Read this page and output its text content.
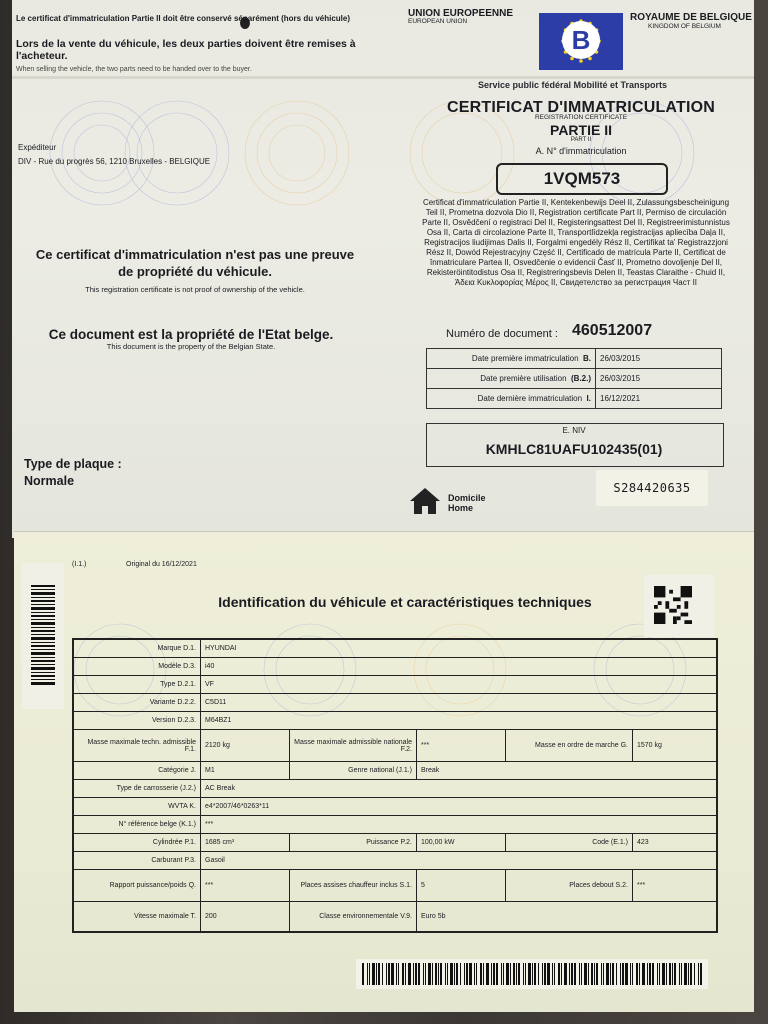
Le certificat d'immatriculation Partie II doit être conservé séparément (hors du véhicule)
Lors de la vente du véhicule, les deux parties doivent être remises à l'acheteur.
When selling the vehicle, the two parts need to be handed over to the buyer.
UNION EUROPEENNE
EUROPEAN UNION
B
ROYAUME DE BELGIQUE
KINGDOM OF BELGIUM
Service public fédéral Mobilité et Transports
CERTIFICAT D'IMMATRICULATION
REGISTRATION CERTIFICATE
PARTIE II
PART II
A. N° d'immatriculation
1VQM573
Certificat d'immatriculation Partie II, Kentekenbewijs Deel II, Zulassungsbescheinigung Teil II, Prometna dozvola Dio II, Registration certificate Part II, Permiso de circulación Parte II, Osvědčení o registraci Del II, Registeringsattest Del II, Registreerimistunnistus Osa II, Carta di circolazione Parte II, Transportlīdzekļa registracijas apliecība Daļa II, Registracijos liudijimas Dalis II, Forgalmi engedély Rész II, Certifikat ta' Registrazzjoni Rész II, Dowód Rejestracyjny Część II, Certificado de matrícula Parte II, Certificat de înmatriculare Partea II, Osvedčenie o evidencii Časť II, Prometno dovoljenje Del II, Rekisteröintitodistus Osa II, Registreringsbevis Delen II, Teastas Claraithe - Chuid II, Άδεια Κυκλοφορίας Μέρος II, Свидетелство за регистрация Част II
Expéditeur
DIV - Rue du progrès 56, 1210 Bruxelles - BELGIQUE
Ce certificat d'immatriculation n'est pas une preuve de propriété du véhicule.
This registration certificate is not proof of ownership of the vehicle.
Ce document est la propriété de l'Etat belge.
This document is the property of the Belgian State.
Type de plaque :
Normale
Numéro de document : 460512007
Date première immatriculation B.	26/03/2015
Date première utilisation (B.2.)	26/03/2015
Date dernière immatriculation I.	16/12/2021
E. NIV
KMHLC81UAFU102435(01)
Domicile
Home
S284420635
(I.1.)	Original du 16/12/2021
Identification du véhicule et caractéristiques techniques
Marque D.1.	HYUNDAI				
Modèle D.3.	i40				
Type D.2.1.	VF				
Variante D.2.2.	C5D11				
Version D.2.3.	M64BZ1				
Masse maximale techn. admissible F.1.	2120 kg	Masse maximale admissible nationale F.2.	***	Masse en ordre de marche G.	1570 kg
Catégorie J.	M1	Genre national (J.1.)	Break		
Type de carrosserie (J.2.)	AC Break				
WVTA K.	e4*2007/46*0263*11				
N° référence belge (K.1.)	***				
Cylindrée P.1.	1685 cm³	Puissance P.2.	100,00 kW	Code (E.1.)	423
Carburant P.3.	Gasoil				
Rapport puissance/poids Q.	***	Places assises chauffeur inclus S.1.	5	Places debout S.2.	***
Vitesse maximale T.	200	Classe environnementale V.9.	Euro 5b		
